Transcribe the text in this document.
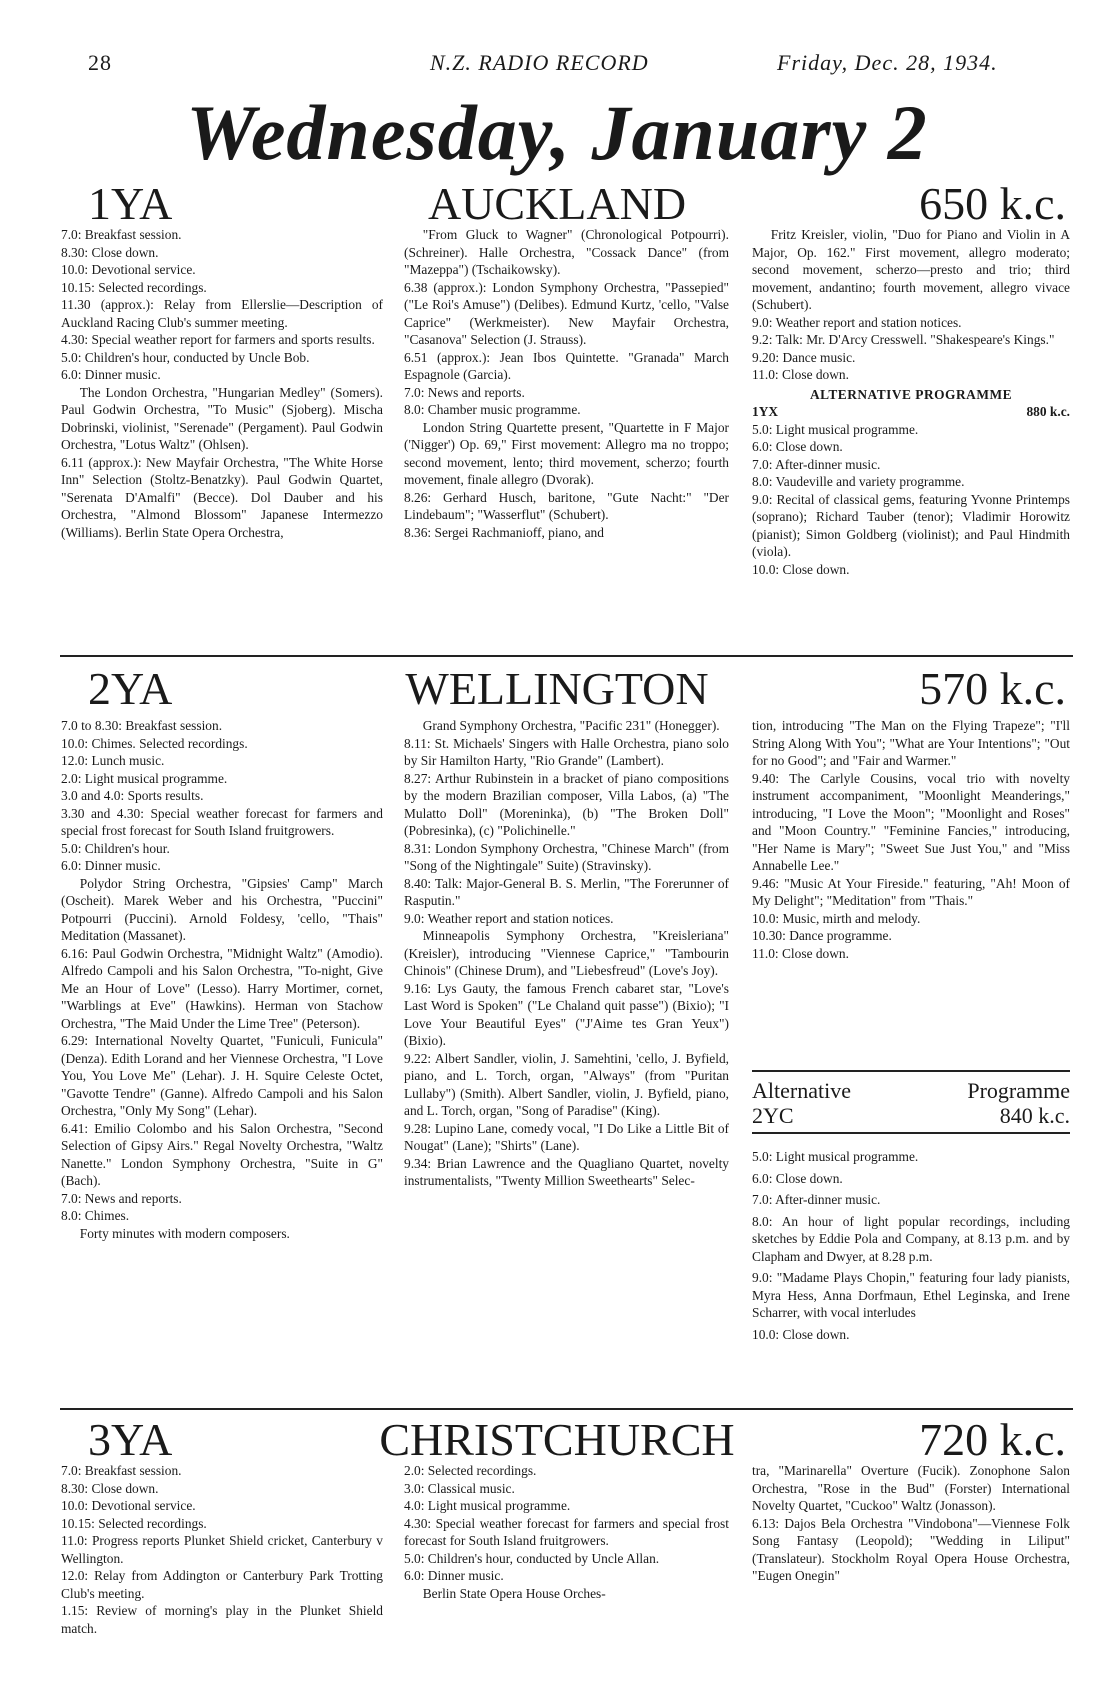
28	N.Z. RADIO RECORD	Friday, Dec. 28, 1934.
Wednesday, January 2
1YA	AUCKLAND	650 k.c.

7.0: Breakfast session.

8.30: Close down.

10.0: Devotional service.

10.15: Selected recordings.

11.30 (approx.): Relay from Ellerslie—Description of Auckland Racing Club's summer meeting.

4.30: Special weather report for farmers and sports results.

5.0: Children's hour, conducted by Uncle Bob.

6.0: Dinner music.

The London Orchestra, "Hungarian Medley" (Somers). Paul Godwin Orchestra, "To Music" (Sjoberg). Mischa Dobrinski, violinist, "Serenade" (Pergament). Paul Godwin Orchestra, "Lotus Waltz" (Ohlsen).

6.11 (approx.): New Mayfair Orchestra, "The White Horse Inn" Selection (Stoltz-Benatzky). Paul Godwin Quartet, "Serenata D'Amalfi" (Becce). Dol Dauber and his Orchestra, "Almond Blossom" Japanese Intermezzo (Williams). Berlin State Opera Orchestra,

"From Gluck to Wagner" (Chronological Potpourri). (Schreiner). Halle Orchestra, "Cossack Dance" (from "Mazeppa") (Tschaikowsky).

6.38 (approx.): London Symphony Orchestra, "Passepied" ("Le Roi's Amuse") (Delibes). Edmund Kurtz, 'cello, "Valse Caprice" (Werkmeister). New Mayfair Orchestra, "Casanova" Selection (J. Strauss).

6.51 (approx.): Jean Ibos Quintette. "Granada" March Espagnole (Garcia).

7.0: News and reports.

8.0: Chamber music programme.

London String Quartette present, "Quartette in F Major ('Nigger') Op. 69," First movement: Allegro ma no troppo; second movement, lento; third movement, scherzo; fourth movement, finale allegro (Dvorak).

8.26: Gerhard Husch, baritone, "Gute Nacht:" "Der Lindebaum"; "Wasserflut" (Schubert).

8.36: Sergei Rachmanioff, piano, and

Fritz Kreisler, violin, "Duo for Piano and Violin in A Major, Op. 162." First movement, allegro moderato; second movement, scherzo—presto and trio; third movement, andantino; fourth movement, allegro vivace (Schubert).

9.0: Weather report and station notices.

9.2: Talk: Mr. D'Arcy Cresswell. "Shakespeare's Kings."

9.20: Dance music.

11.0: Close down.

ALTERNATIVE PROGRAMME

1YX	880 k.c.

5.0: Light musical programme.

6.0: Close down.

7.0: After-dinner music.

8.0: Vaudeville and variety programme.

9.0: Recital of classical gems, featuring Yvonne Printemps (soprano); Richard Tauber (tenor); Vladimir Horowitz (pianist); Simon Goldberg (violinist); and Paul Hindmith (viola).

10.0: Close down.

2YA	WELLINGTON	570 k.c.

7.0 to 8.30: Breakfast session.

10.0: Chimes. Selected recordings.

12.0: Lunch music.

2.0: Light musical programme.

3.0 and 4.0: Sports results.

3.30 and 4.30: Special weather forecast for farmers and special frost forecast for South Island fruitgrowers.

5.0: Children's hour.

6.0: Dinner music.

Polydor String Orchestra, "Gipsies' Camp" March (Oscheit). Marek Weber and his Orchestra, "Puccini" Potpourri (Puccini). Arnold Foldesy, 'cello, "Thais" Meditation (Massanet).

6.16: Paul Godwin Orchestra, "Midnight Waltz" (Amodio). Alfredo Campoli and his Salon Orchestra, "To-night, Give Me an Hour of Love" (Lesso). Harry Mortimer, cornet, "Warblings at Eve" (Hawkins). Herman von Stachow Orchestra, "The Maid Under the Lime Tree" (Peterson).

6.29: International Novelty Quartet, "Funiculi, Funicula" (Denza). Edith Lorand and her Viennese Orchestra, "I Love You, You Love Me" (Lehar). J. H. Squire Celeste Octet, "Gavotte Tendre" (Ganne). Alfredo Campoli and his Salon Orchestra, "Only My Song" (Lehar).

6.41: Emilio Colombo and his Salon Orchestra, "Second Selection of Gipsy Airs." Regal Novelty Orchestra, "Waltz Nanette." London Symphony Orchestra, "Suite in G" (Bach).

7.0: News and reports.

8.0: Chimes.

Forty minutes with modern composers.

Grand Symphony Orchestra, "Pacific 231" (Honegger).

8.11: St. Michaels' Singers with Halle Orchestra, piano solo by Sir Hamilton Harty, "Rio Grande" (Lambert).

8.27: Arthur Rubinstein in a bracket of piano compositions by the modern Brazilian composer, Villa Labos, (a) "The Mulatto Doll" (Moreninka), (b) "The Broken Doll" (Pobresinka), (c) "Polichinelle."

8.31: London Symphony Orchestra, "Chinese March" (from "Song of the Nightingale" Suite) (Stravinsky).

8.40: Talk: Major-General B. S. Merlin, "The Forerunner of Rasputin."

9.0: Weather report and station notices.

Minneapolis Symphony Orchestra, "Kreisleriana" (Kreisler), introducing "Viennese Caprice," "Tambourin Chinois" (Chinese Drum), and "Liebesfreud" (Love's Joy).

9.16: Lys Gauty, the famous French cabaret star, "Love's Last Word is Spoken" ("Le Chaland quit passe") (Bixio); "I Love Your Beautiful Eyes" ("J'Aime tes Gran Yeux") (Bixio).

9.22: Albert Sandler, violin, J. Samehtini, 'cello, J. Byfield, piano, and L. Torch, organ, "Always" (from "Puritan Lullaby") (Smith). Albert Sandler, violin, J. Byfield, piano, and L. Torch, organ, "Song of Paradise" (King).

9.28: Lupino Lane, comedy vocal, "I Do Like a Little Bit of Nougat" (Lane); "Shirts" (Lane).

9.34: Brian Lawrence and the Quagliano Quartet, novelty instrumentalists, "Twenty Million Sweethearts" Selec-

tion, introducing "The Man on the Flying Trapeze"; "I'll String Along With You"; "What are Your Intentions"; "Out for no Good"; and "Fair and Warmer."

9.40: The Carlyle Cousins, vocal trio with novelty instrument accompaniment, "Moonlight Meanderings," introducing, "I Love the Moon"; "Moonlight and Roses" and "Moon Country." "Feminine Fancies," introducing, "Her Name is Mary"; "Sweet Sue Just You," and "Miss Annabelle Lee."

9.46: "Music At Your Fireside." featuring, "Ah! Moon of My Delight"; "Meditation" from "Thais."

10.0: Music, mirth and melody.

10.30: Dance programme.

11.0: Close down.

Alternative	Programme
2YC	840 k.c.

5.0: Light musical programme.

6.0: Close down.

7.0: After-dinner music.

8.0: An hour of light popular recordings, including sketches by Eddie Pola and Company, at 8.13 p.m. and by Clapham and Dwyer, at 8.28 p.m.

9.0: "Madame Plays Chopin," featuring four lady pianists, Myra Hess, Anna Dorfmaun, Ethel Leginska, and Irene Scharrer, with vocal interludes

10.0: Close down.

3YA	CHRISTCHURCH	720 k.c.

7.0: Breakfast session.

8.30: Close down.

10.0: Devotional service.

10.15: Selected recordings.

11.0: Progress reports Plunket Shield cricket, Canterbury v Wellington.

12.0: Relay from Addington or Canterbury Park Trotting Club's meeting.

1.15: Review of morning's play in the Plunket Shield match.

2.0: Selected recordings.

3.0: Classical music.

4.0: Light musical programme.

4.30: Special weather forecast for farmers and special frost forecast for South Island fruitgrowers.

5.0: Children's hour, conducted by Uncle Allan.

6.0: Dinner music.

Berlin State Opera House Orches-

tra, "Marinarella" Overture (Fucik). Zonophone Salon Orchestra, "Rose in the Bud" (Forster) International Novelty Quartet, "Cuckoo" Waltz (Jonasson).

6.13: Dajos Bela Orchestra "Vindobona"—Viennese Folk Song Fantasy (Leopold); "Wedding in Liliput" (Translateur). Stockholm Royal Opera House Orchestra, "Eugen Onegin"
